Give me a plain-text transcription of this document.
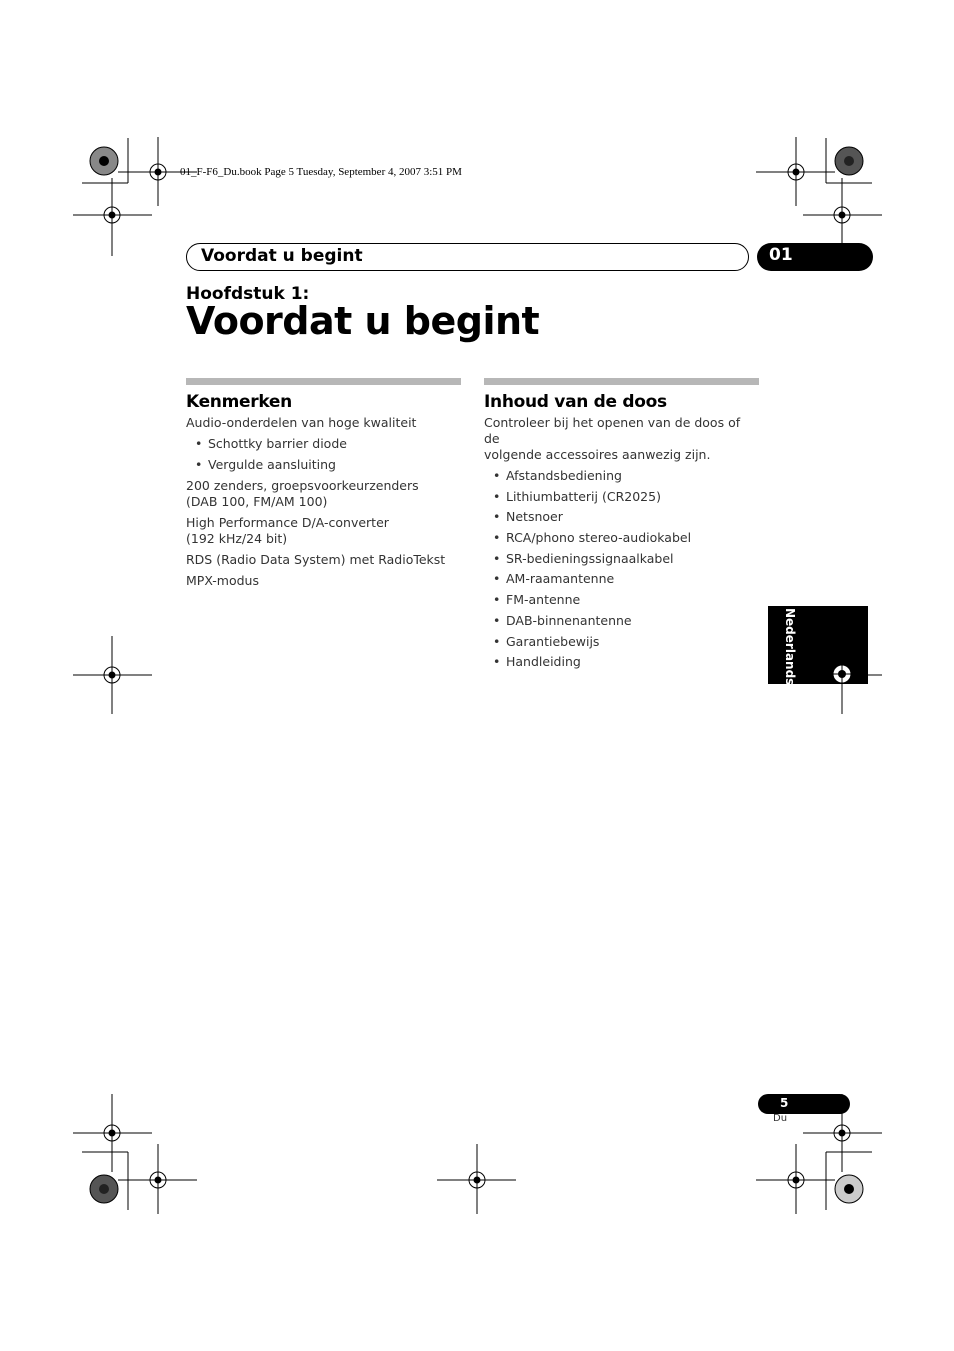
01_F-F6_Du.book Page 5 Tuesday, September 4, 2007 3:51 PM
Voordat u begint	01
Hoofdstuk 1:
Voordat u begint
Kenmerken

Audio-onderdelen van hoge kwaliteit

• Schottky barrier diode
• Vergulde aansluiting

200 zenders, groepsvoorkeurzenders
(DAB 100, FM/AM 100)

High Performance D/A-converter
(192 kHz/24 bit)

RDS (Radio Data System) met RadioTekst

MPX-modus

Inhoud van de doos

Controleer bij het openen van de doos of de
volgende accessoires aanwezig zijn.

• Afstandsbediening
• Lithiumbatterij (CR2025)
• Netsnoer
• RCA/phono stereo-audiokabel
• SR-bedieningssignaalkabel
• AM-raamantenne
• FM-antenne
• DAB-binnenantenne
• Garantiebewijs
• Handleiding	Nederlands
5
Du
